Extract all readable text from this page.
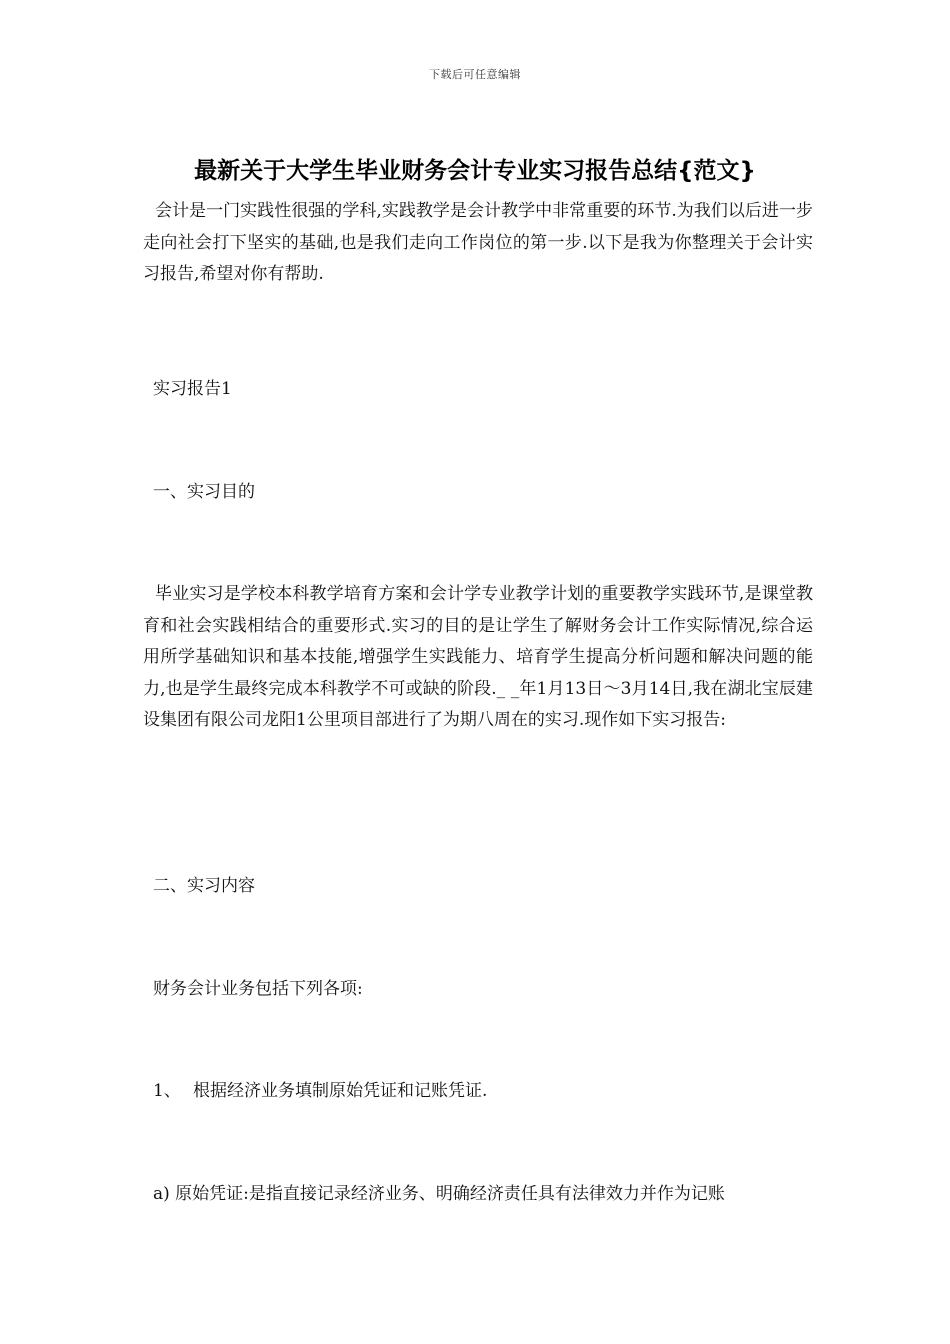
下载后可任意编辑
最新关于大学生毕业财务会计专业实习报告总结{范文}

会计是一门实践性很强的学科,实践教学是会计教学中非常重要的环节.为我们以后进一步走向社会打下坚实的基础,也是我们走向工作岗位的第一步.以下是我为你整理关于会计实习报告,希望对你有帮助.

实习报告1

一、实习目的

毕业实习是学校本科教学培育方案和会计学专业教学计划的重要教学实践环节,是课堂教育和社会实践相结合的重要形式.实习的目的是让学生了解财务会计工作实际情况,综合运用所学基础知识和基本技能,增强学生实践能力、培育学生提高分析问题和解决问题的能力,也是学生最终完成本科教学不可或缺的阶段._ _年1月13日～3月14日,我在湖北宝辰建设集团有限公司龙阳1公里项目部进行了为期八周在的实习.现作如下实习报告:

二、实习内容

财务会计业务包括下列各项:

1、 根据经济业务填制原始凭证和记账凭证.

a) 原始凭证:是指直接记录经济业务、明确经济责任具有法律效力并作为记账
